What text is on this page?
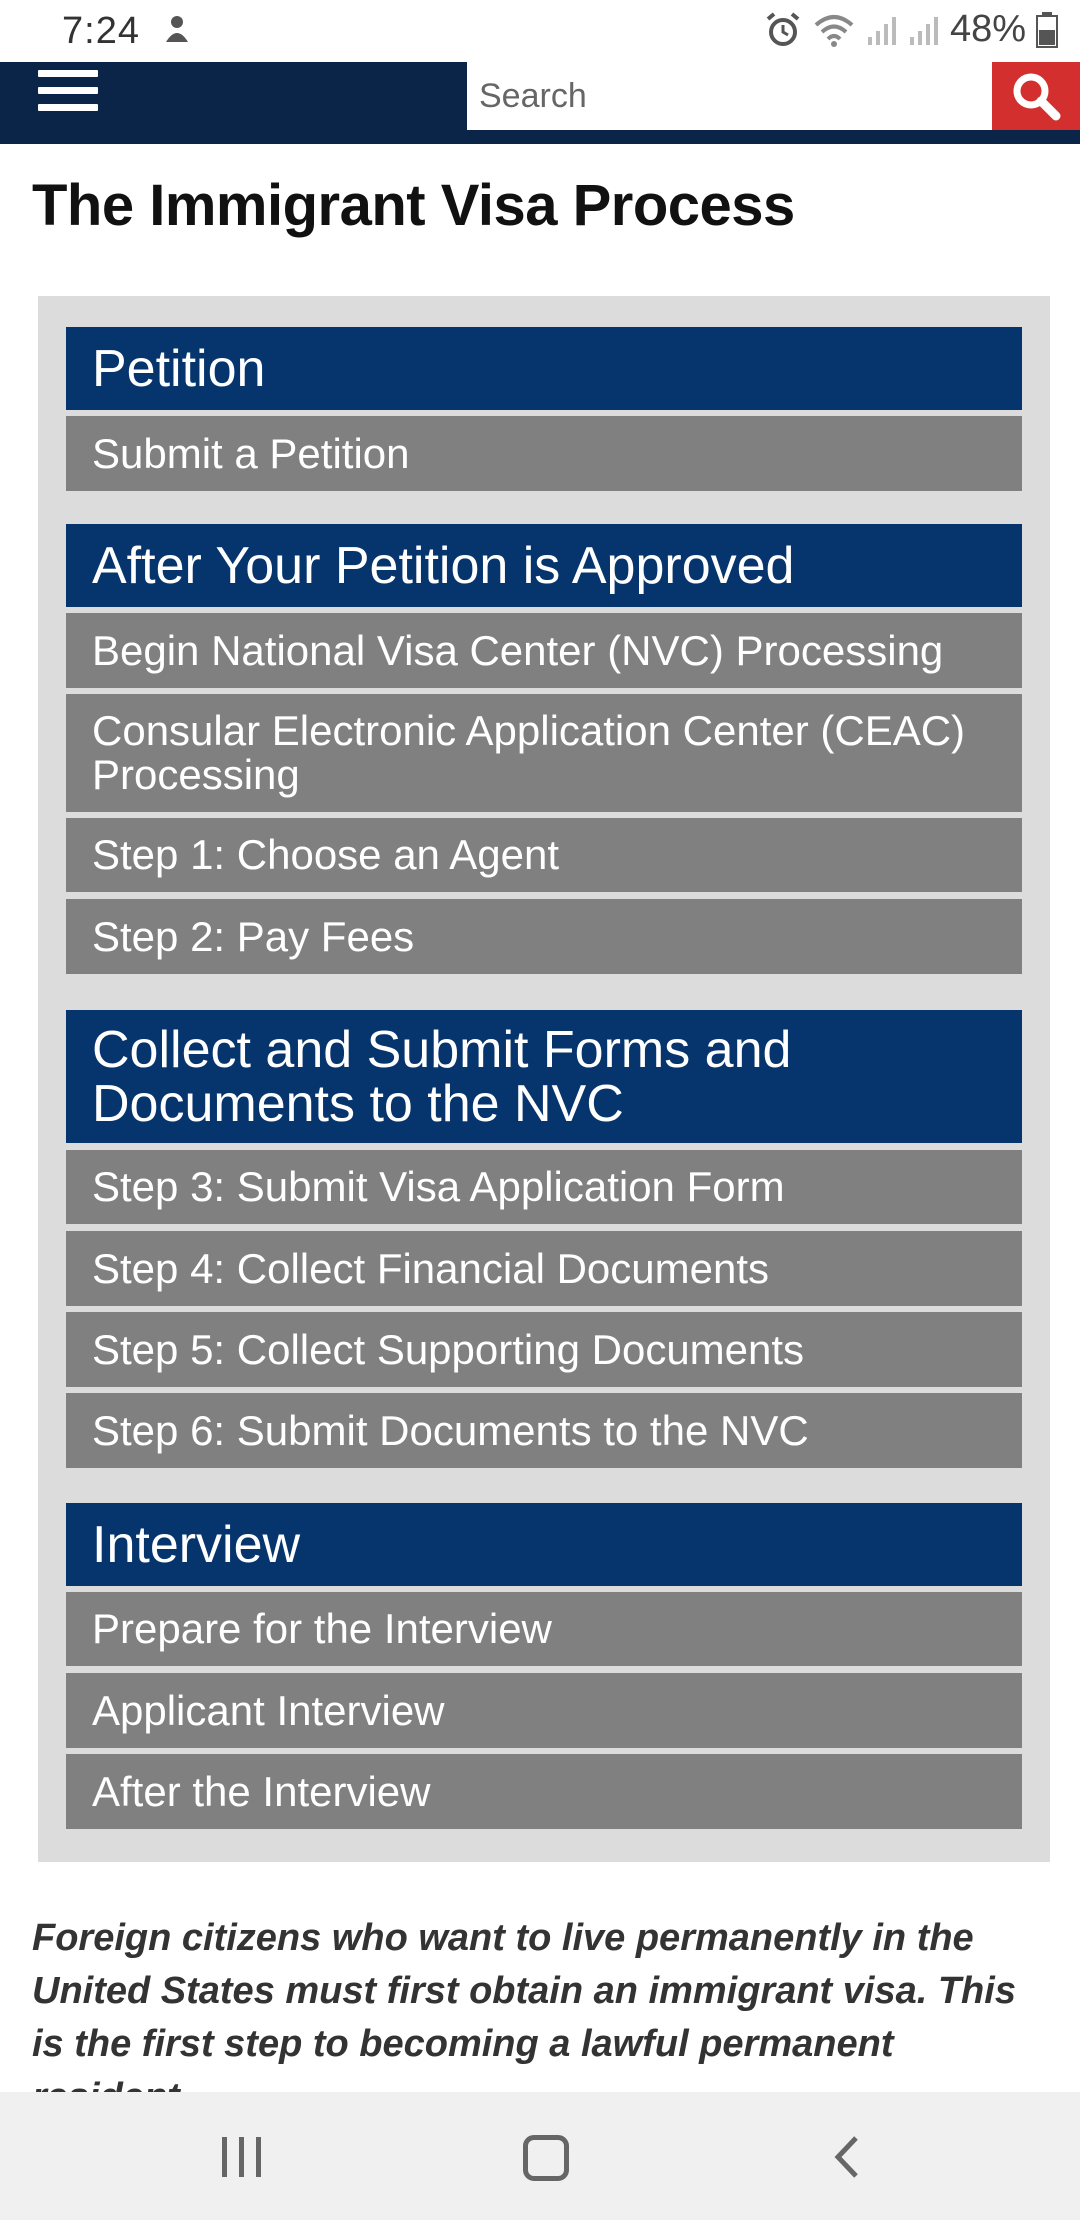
7:24	48%
Search
The Immigrant Visa Process
Petition
Submit a Petition
After Your Petition is Approved
Begin National Visa Center (NVC) Processing
Consular Electronic Application Center (CEAC) Processing
Step 1: Choose an Agent
Step 2: Pay Fees
Collect and Submit Forms and Documents to the NVC
Step 3: Submit Visa Application Form
Step 4: Collect Financial Documents
Step 5: Collect Supporting Documents
Step 6: Submit Documents to the NVC
Interview
Prepare for the Interview
Applicant Interview
After the Interview

Foreign citizens who want to live permanently in the United States must first obtain an immigrant visa. This is the first step to becoming a lawful permanent
